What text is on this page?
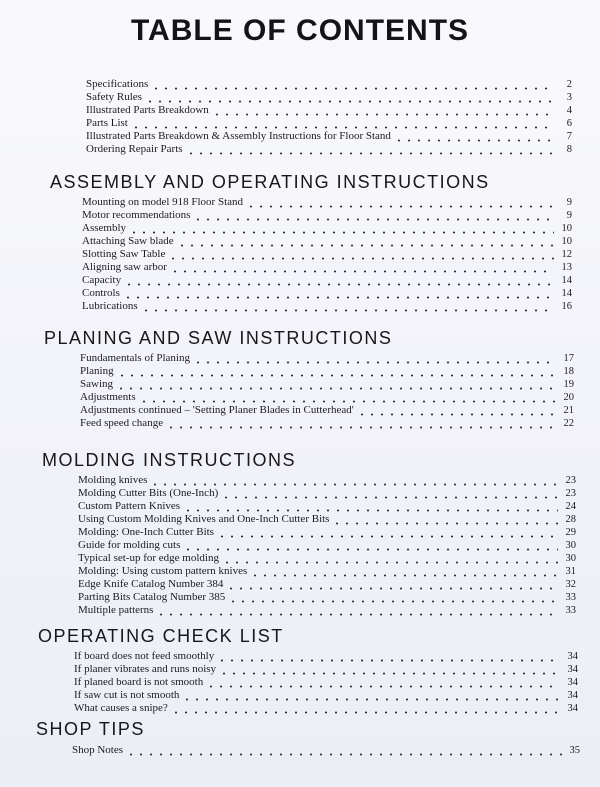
TABLE OF CONTENTS
Specifications	2
Safety Rules	3
Illustrated Parts Breakdown	4
Parts List	6
Illustrated Parts Breakdown & Assembly Instructions for Floor Stand	7
Ordering Repair Parts	8
ASSEMBLY AND OPERATING INSTRUCTIONS
Mounting on model 918 Floor Stand	9
Motor recommendations	9
Assembly	10
Attaching Saw blade	10
Slotting Saw Table	12
Aligning saw arbor	13
Capacity	14
Controls	14
Lubrications	16
PLANING AND SAW INSTRUCTIONS
Fundamentals of Planing	17
Planing	18
Sawing	19
Adjustments	20
Adjustments continued – 'Setting Planer Blades in Cutterhead'	21
Feed speed change	22
MOLDING INSTRUCTIONS
Molding knives	23
Molding Cutter Bits (One-Inch)	23
Custom Pattern Knives	24
Using Custom Molding Knives and One-Inch Cutter Bits	28
Molding: One-Inch Cutter Bits	29
Guide for molding cuts	30
Typical set-up for edge molding	30
Molding: Using custom pattern knives	31
Edge Knife Catalog Number 384	32
Parting Bits Catalog Number 385	33
Multiple patterns	33
OPERATING CHECK LIST
If board does not feed smoothly	34
If planer vibrates and runs noisy	34
If planed board is not smooth	34
If saw cut is not smooth	34
What causes a snipe?	34
SHOP TIPS
Shop Notes	35
